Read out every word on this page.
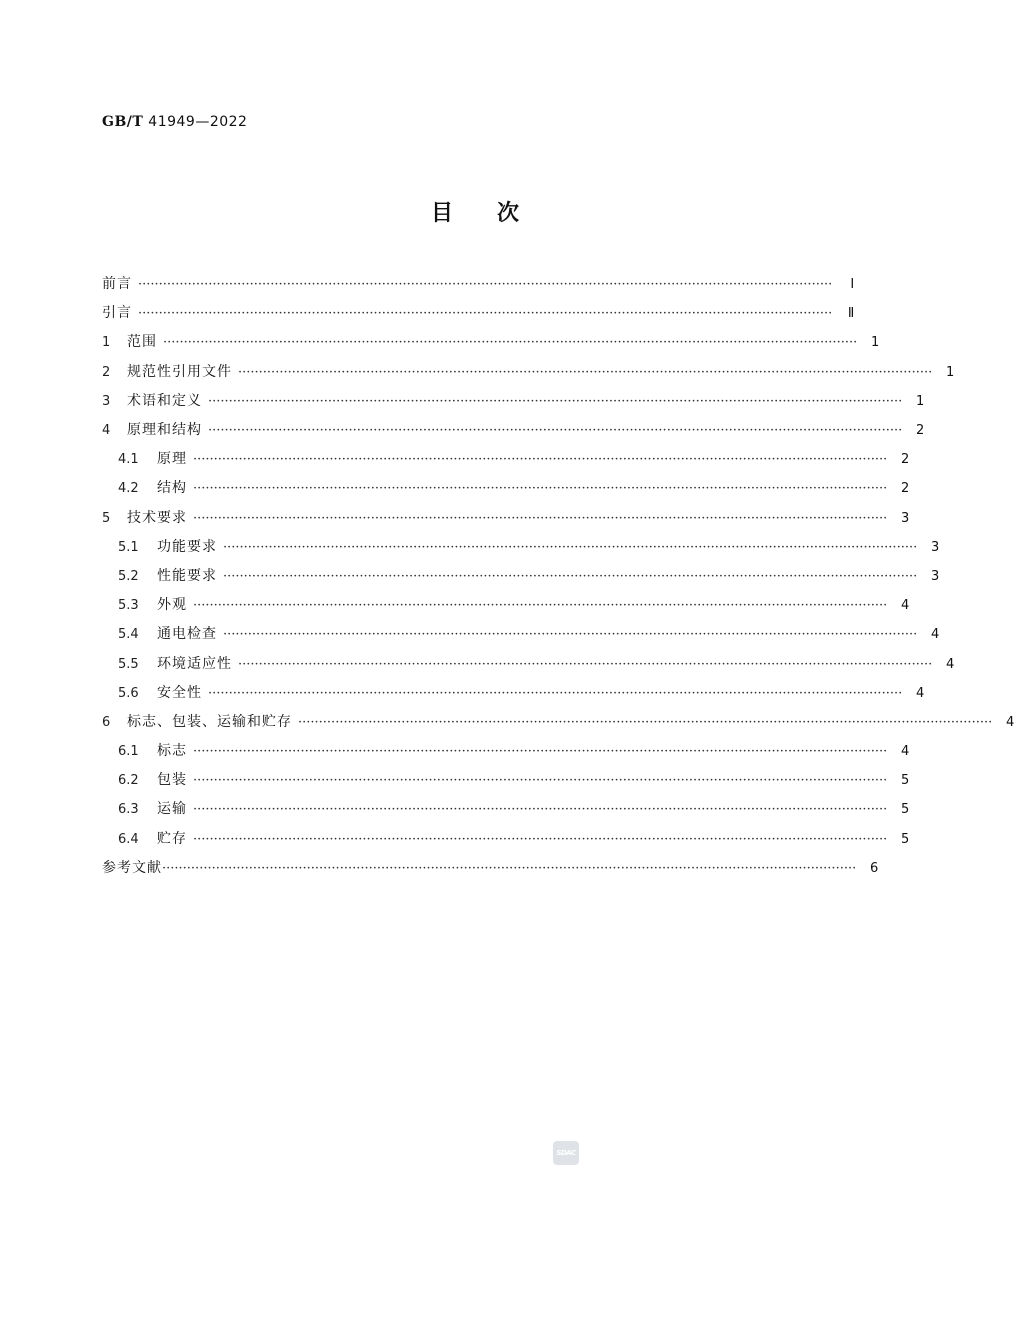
GB/T 41949—2022
目次
前言 ········································································································································································	Ⅰ
引言 ········································································································································································	Ⅱ
1	范围 ········································································································································································	1
2	规范性引用文件 ········································································································································································	1
3	术语和定义 ········································································································································································	1
4	原理和结构 ········································································································································································	2
4.1	原理 ········································································································································································	2
4.2	结构 ········································································································································································	2
5	技术要求 ········································································································································································	3
5.1	功能要求 ········································································································································································	3
5.2	性能要求 ········································································································································································	3
5.3	外观 ········································································································································································	4
5.4	通电检查 ········································································································································································	4
5.5	环境适应性 ········································································································································································	4
5.6	安全性 ········································································································································································	4
6	标志、包装、运输和贮存 ········································································································································································	4
6.1	标志 ········································································································································································	4
6.2	包装 ········································································································································································	5
6.3	运输 ········································································································································································	5
6.4	贮存 ········································································································································································	5
参考文献 ········································································································································································	6
SDAC
